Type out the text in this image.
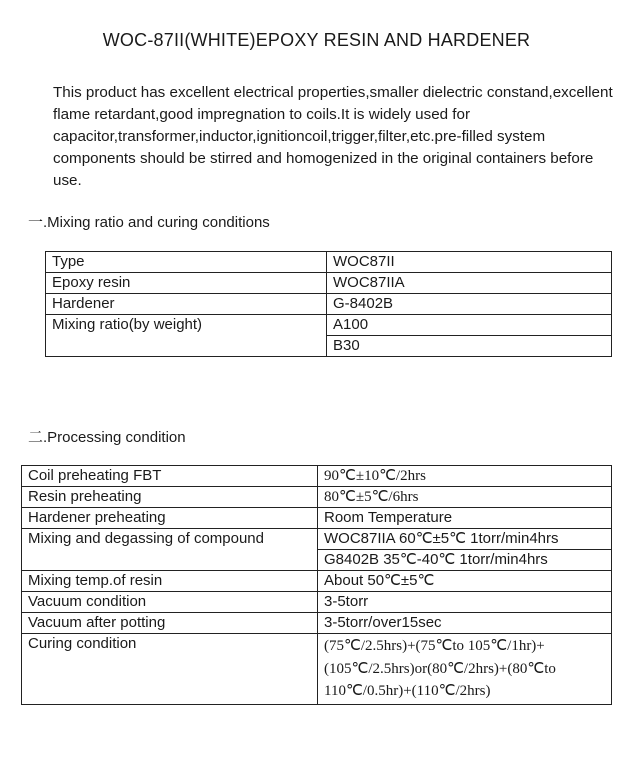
WOC-87II(WHITE)EPOXY RESIN AND HARDENER
This product has excellent electrical properties,smaller dielectric constand,excellent flame retardant,good impregnation to coils.It is widely used for capacitor,transformer,inductor,ignitioncoil,trigger,filter,etc.pre-filled system components should be stirred and homogenized in the original containers before use.
一.Mixing ratio and curing conditions
Type	WOC87II
Epoxy resin	WOC87IIA
Hardener	G-8402B
Mixing ratio(by weight)	A100
	B30
二.Processing condition
Coil preheating FBT	90℃±10℃/2hrs
Resin preheating	80℃±5℃/6hrs
Hardener preheating	Room Temperature
Mixing and degassing of compound	WOC87IIA 60℃±5℃ 1torr/min4hrs
	G8402B 35℃-40℃ 1torr/min4hrs
Mixing temp.of resin	About 50℃±5℃
Vacuum condition	3-5torr
Vacuum after potting	3-5torr/over15sec
Curing condition	(75℃/2.5hrs)+(75℃to 105℃/1hr)+(105℃/2.5hrs)or(80℃/2hrs)+(80℃to 110℃/0.5hr)+(110℃/2hrs)
